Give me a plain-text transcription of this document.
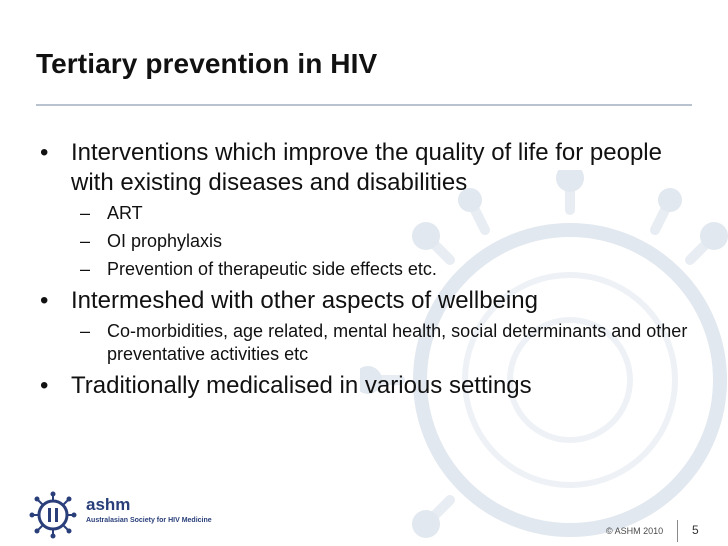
Tertiary prevention in HIV
• Interventions which improve the quality of life for people with existing diseases and disabilities
– ART
– OI prophylaxis
– Prevention of therapeutic side effects etc.
• Intermeshed with other aspects of wellbeing
– Co-morbidities, age related, mental health, social determinants and other preventative activities etc
• Traditionally medicalised in various settings
ashm
Australasian Society for HIV Medicine
© ASHM 2010 5
